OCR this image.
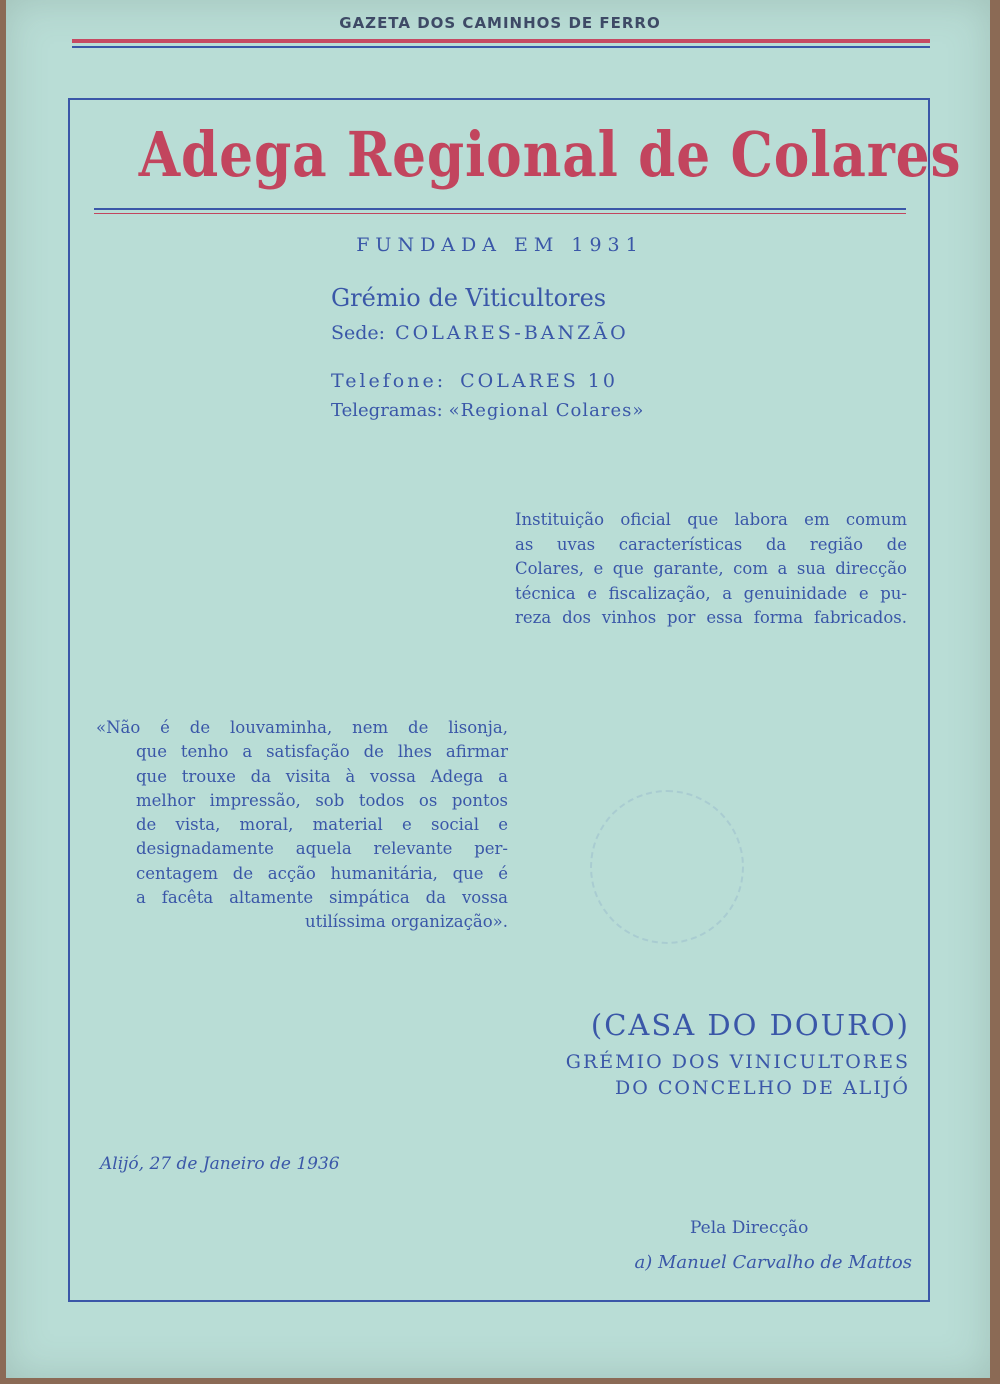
GAZETA DOS CAMINHOS DE FERRO
Adega Regional de Colares
FUNDADA EM 1931
Grémio de Viticultores
Sede: COLARES-BANZÃO
Telefone: COLARES 10
Telegramas: «Regional Colares»
Instituição oficial que labora em comum
as uvas características da região de
Colares, e que garante, com a sua direcção
técnica e fiscalização, a genuinidade e pu-
reza dos vinhos por essa forma fabricados.
«Não é de louvaminha, nem de lisonja,
que tenho a satisfação de lhes afirmar
que trouxe da visita à vossa Adega a
melhor impressão, sob todos os pontos
de vista, moral, material e social e
designadamente aquela relevante per-
centagem de acção humanitária, que é
a facêta altamente simpática da vossa
utilíssima organização».
(CASA DO DOURO)
GRÉMIO DOS VINICULTORES
DO CONCELHO DE ALIJÓ
Alijó, 27 de Janeiro de 1936
Pela Direcção
a) Manuel Carvalho de Mattos
